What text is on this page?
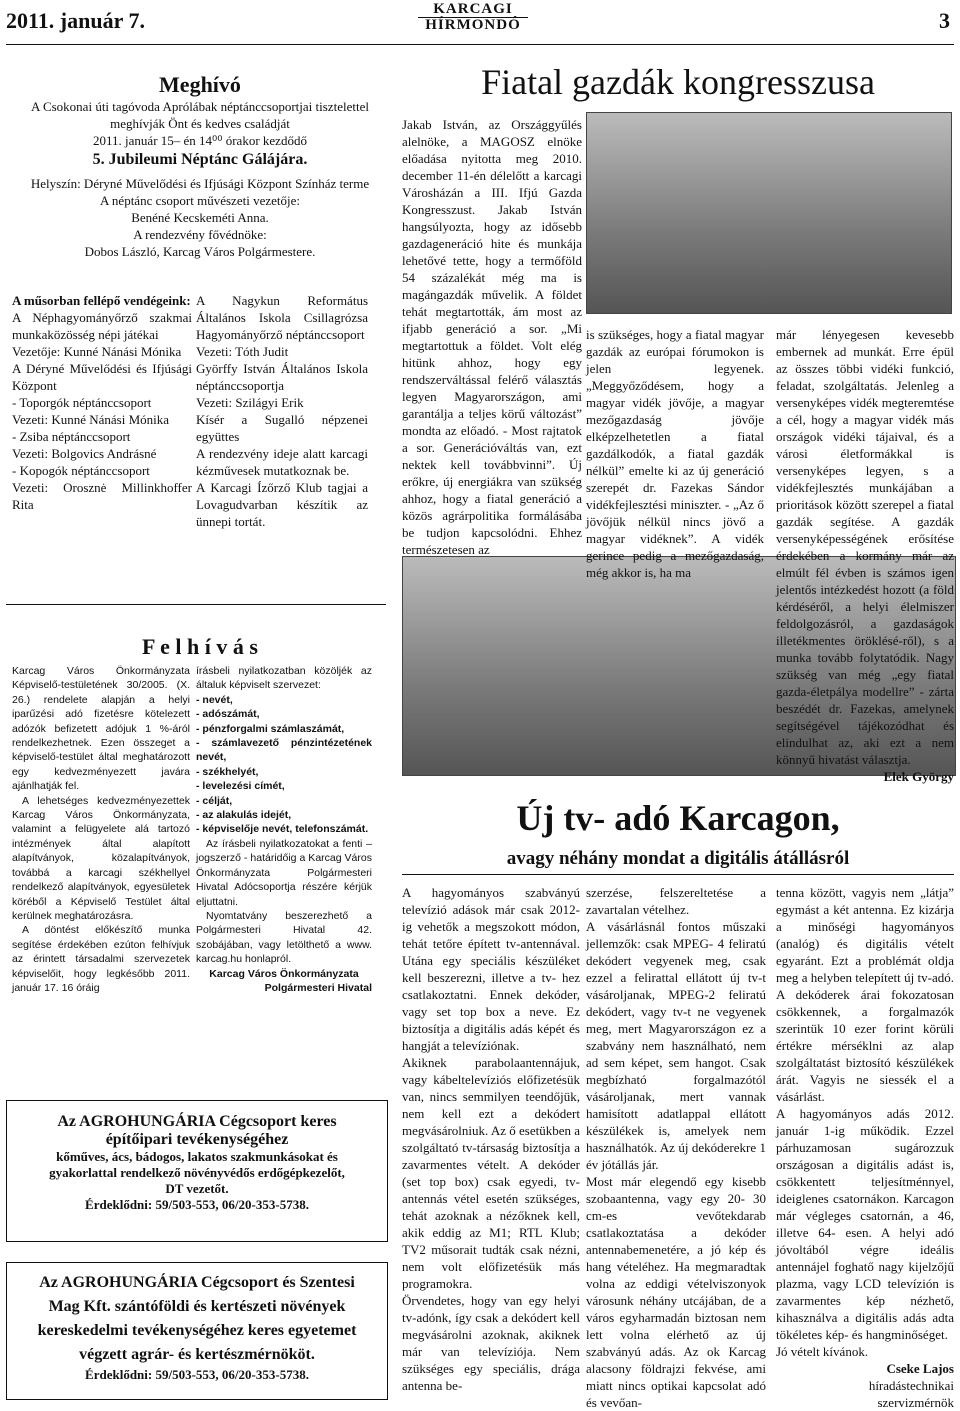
2011. január 7.	KARCAGI
HÍRMONDÓ	3
Meghívó

A Csokonai úti tagóvoda Aprólábak néptánccsoportjai tisztelettel meghívják Önt és kedves családját

2011. január 15– én 14⁰⁰ órakor kezdődő

5. Jubileumi Néptánc Gálájára.

Helyszín: Déryné Művelődési és Ifjúsági Központ Színház terme

A néptánc csoport művészeti vezetője:

Benéné Kecskeméti Anna.

A rendezvény fővédnöke:

Dobos László, Karcag Város Polgármestere.

A műsorban fellépő vendégeink:

A Néphagyományőrző szakmai munkaközösség népi játékai

Vezetője: Kunné Nánási Mónika

A Déryné Művelődési és Ifjúsági Központ

- Toporgók néptánccsoport

Vezeti: Kunné Nánási Mónika

- Zsiba néptánccsoport

Vezeti: Bolgovics Andrásné

- Kopogók néptánccsoport

Vezeti: Orosznė Millinkhoffer Rita

A Nagykun Református Általános Iskola Csillagrózsa Hagyományőrző néptánccsoport

Vezeti: Tóth Judit

Györffy István Általános Iskola néptánccsoportja

Vezeti: Szilágyi Erik

Kísér a Sugalló népzenei együttes

A rendezvény ideje alatt karcagi kézművesek mutatkoznak be.

A Karcagi Ízőrző Klub tagjai a Lovagudvarban készítik az ünnepi tortát.

F e l h í v á s

Karcag Város Önkormányzata Képviselő-testületének 30/2005. (X. 26.) rendelete alapján a helyi iparűzési adó fizetésre kötelezett adózók befizetett adójuk 1 %-áról rendelkezhetnek. Ezen összeget a képviselő-testület által meghatározott egy kedvezményezett javára ajánlhatják fel.

A lehetséges kedvezményezettek Karcag Város Önkormányzata, valamint a felügyelete alá tartozó intézmények által alapított alapítványok, közalapítványok, továbbá a karcagi székhellyel rendelkező alapítványok, egyesületek köréből a Képviselő Testület által kerülnek meghatározásra.

A döntést előkészítő munka segítése érdekében ezúton felhívjuk az érintett társadalmi szervezetek képviselőit, hogy legkésőbb 2011. január 17. 16 óráig

írásbeli nyilatkozatban közöljék az általuk képviselt szervezet:

- nevét,

- adószámát,

- pénzforgalmi számlaszámát,

- számlavezető pénzintézetének nevét,

- székhelyét,

- levelezési címét,

- célját,

- az alakulás idejét,

- képviselője nevét, telefonszámát.

Az írásbeli nyilatkozatokat a fenti – jogszerző - határidőig a Karcag Város Önkormányzata Polgármesteri Hivatal Adócsoportja részére kérjük eljuttatni.

Nyomtatvány beszerezhető a Polgármesteri Hivatal 42. szobájában, vagy letölthető a www. karcag.hu honlapról.

Karcag Város Önkormányzata

Polgármesteri Hivatal

Az AGROHUNGÁRIA Cégcsoport keres

építőipari tevékenységéhez

kőműves, ács, bádogos, lakatos szakmunkásokat és

gyakorlattal rendelkező növényvédős erdőgépkezelőt,

DT vezetőt.

Érdeklődni: 59/503-553, 06/20-353-5738.

Az AGROHUNGÁRIA Cégcsoport és Szentesi

Mag Kft. szántóföldi és kertészeti növények

kereskedelmi tevékenységéhez keres egyetemet

végzett agrár- és kertészmérnököt.

Érdeklődni: 59/503-553, 06/20-353-5738.

Fiatal gazdák kongresszusa
Jakab István, az Országgyűlés alelnöke, a MAGOSZ elnöke előadása nyitotta meg 2010. december 11-én délelőtt a karcagi Városházán a III. Ifjú Gazda Kongresszust. Jakab István hangsúlyozta, hogy az idősebb gazdageneráció hite és munkája lehetővé tette, hogy a termőföld 54 százalékát még ma is magángazdák művelik. A földet tehát megtartották, ám most az ifjabb generáció a sor. „Mi megtartottuk a földet. Volt elég hitünk ahhoz, hogy egy rendszerváltással felérő választás legyen Magyarországon, ami garantálja a teljes körű változást” mondta az előadó. - Most rajtatok a sor. Generációváltás van, ezt nektek kell továbbvinni”. Új erőkre, új energiákra van szükség ahhoz, hogy a fiatal generáció a közös agrárpolitika formálásába be tudjon kapcsolódni. Ehhez természetesen az
is szükséges, hogy a fiatal magyar gazdák az európai fórumokon is jelen legyenek. „Meggyőződésem, hogy a magyar vidék jövője, a magyar mezőgazdaság jövője elképzelhetetlen a fiatal gazdálkodók, a fiatal gazdák nélkül” emelte ki az új generáció szerepét dr. Fazekas Sándor vidékfejlesztési miniszter. - „Az ő jövőjük nélkül nincs jövő a magyar vidéknek”. A vidék gerince pedig a mezőgazdaság, még akkor is, ha ma

már lényegesen kevesebb embernek ad munkát. Erre épül az összes többi vidéki funkció, feladat, szolgáltatás. Jelenleg a versenyképes vidék megteremtése a cél, hogy a magyar vidék más országok vidéki tájaival, és a városi életformákkal is versenyképes legyen, s a vidékfejlesztés munkájában a prioritások között szerepel a fiatal gazdák segítése. A gazdák versenyképességének erősítése érdekében a kormány már az elmúlt fél évben is számos igen jelentős intézkedést hozott (a föld kérdéséről, a helyi élelmiszer feldolgozásról, a gazdaságok illetékmentes öröklésé-ről), s a munka tovább folytatódik. Nagy szükség van még „egy fiatal gazda-életpálya modellre” - zárta beszédét dr. Fazekas, amelynek segítségével tájékozódhat és elindulhat az, aki ezt a nem könnyű hivatást választja.

Elek György

Új tv- adó Karcagon,
avagy néhány mondat a digitális átállásról
A hagyományos szabványú televízió adások már csak 2012- ig vehetők a megszokott módon, tehát tetőre épített tv-antennával. Utána egy speciális készüléket kell beszerezni, illetve a tv- hez csatlakoztatni. Ennek dekóder, vagy set top box a neve. Ez biztosítja a digitális adás képét és hangját a televíziónak.
Akiknek parabolaantennájuk, vagy kábeltelevíziós előfizetésük van, nincs semmilyen teendőjük, nem kell ezt a dekódert megvásárolniuk. Az ő esetükben a szolgáltató tv-társaság biztosítja a zavarmentes vételt. A dekóder (set top box) csak egyedi, tv-antennás vétel esetén szükséges, tehát azoknak a nézőknek kell, akik eddig az M1; RTL Klub; TV2 műsorait tudták csak nézni, nem volt előfizetésük más programokra.
Örvendetes, hogy van egy helyi tv-adónk, így csak a dekódert kell megvásárolni azoknak, akiknek már van televíziója. Nem szükséges egy speciális, drága antenna be-
szerzése, felszereltetése a zavartalan vételhez.
A vásárlásnál fontos műszaki jellemzők: csak MPEG- 4 feliratú dekódert vegyenek meg, csak ezzel a felirattal ellátott új tv-t vásároljanak, MPEG-2 feliratú dekódert, vagy tv-t ne vegyenek meg, mert Magyarországon ez a szabvány nem használható, nem ad sem képet, sem hangot. Csak megbízható forgalmazótól vásároljanak, mert vannak hamisított adatlappal ellátott készülékek is, amelyek nem használhatók. Az új dekóderekre 1 év jótállás jár.
Most már elegendő egy kisebb szobaantenna, vagy egy 20- 30 cm-es vevőtekdarab csatlakoztatása a dekóder antennabemenetére, a jó kép és hang vételéhez. Ha megmaradtak volna az eddigi vételviszonyok városunk néhány utcájában, de a város egyharmadán biztosan nem lett volna elérhető az új szabványú adás. Az ok Karcag alacsony földrajzi fekvése, ami miatt nincs optikai kapcsolat adó és vevőan-

tenna között, vagyis nem „látja” egymást a két antenna. Ez kizárja a minőségi hagyományos (analóg) és digitális vételt egyaránt. Ezt a problémát oldja meg a helyben telepített új tv-adó. A dekóderek árai fokozatosan csökkennek, a forgalmazók szerintük 10 ezer forint körüli értékre mérséklni az alap szolgáltatást biztosító készülékek árát. Vagyis ne siessék el a vásárlást.
A hagyományos adás 2012. január 1-ig működik. Ezzel párhuzamosan sugározzuk országosan a digitális adást is, csökkentett teljesítménnyel, ideiglenes csatornákon. Karcagon már végleges csatornán, a 46, illetve 64- esen. A helyi adó jóvoltából végre ideális antennájel foghatő nagy kijelzőjű plazma, vagy LCD televízión is zavarmentes kép nézhető, kihasználva a digitális adás adta tökéletes kép- és hangminőséget.
Jó vételt kívánok.

Cseke Lajos

híradástechnikai

szervizmérnök
